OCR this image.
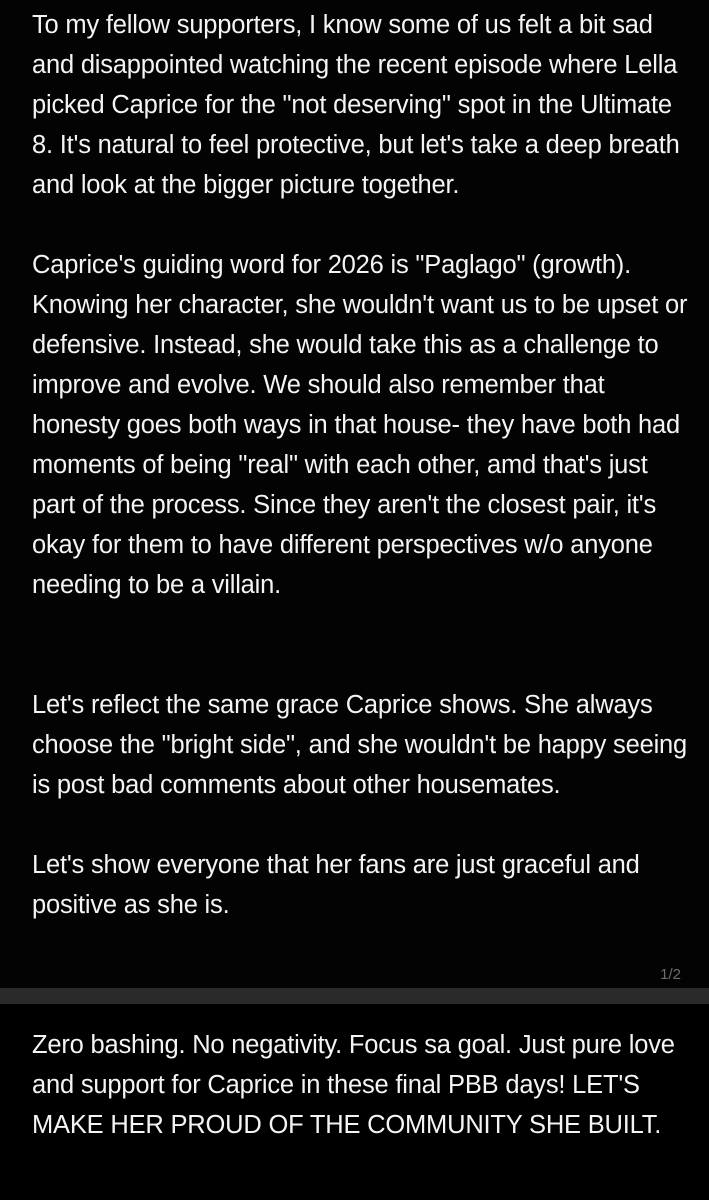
To my fellow supporters, I know some of us felt a bit sad and disappointed watching the recent episode where Lella picked Caprice for the "not deserving" spot in the Ultimate 8. It's natural to feel protective, but let's take a deep breath and look at the bigger picture together.

Caprice's guiding word for 2026 is "Paglago" (growth). Knowing her character, she wouldn't want us to be upset or defensive. Instead, she would take this as a challenge to improve and evolve. We should also remember that honesty goes both ways in that house- they have both had moments of being "real" with each other, amd that's just part of the process. Since they aren't the closest pair, it's okay for them to have different perspectives w/o anyone needing to be a villain.

Let's reflect the same grace Caprice shows. She always choose the "bright side", and she wouldn't be happy seeing is post bad comments about other housemates.

Let's show everyone that her fans are just graceful and positive as she is.

1/2

Zero bashing. No negativity. Focus sa goal. Just pure love and support for Caprice in these final PBB days! LET'S MAKE HER PROUD OF THE COMMUNITY SHE BUILT.
